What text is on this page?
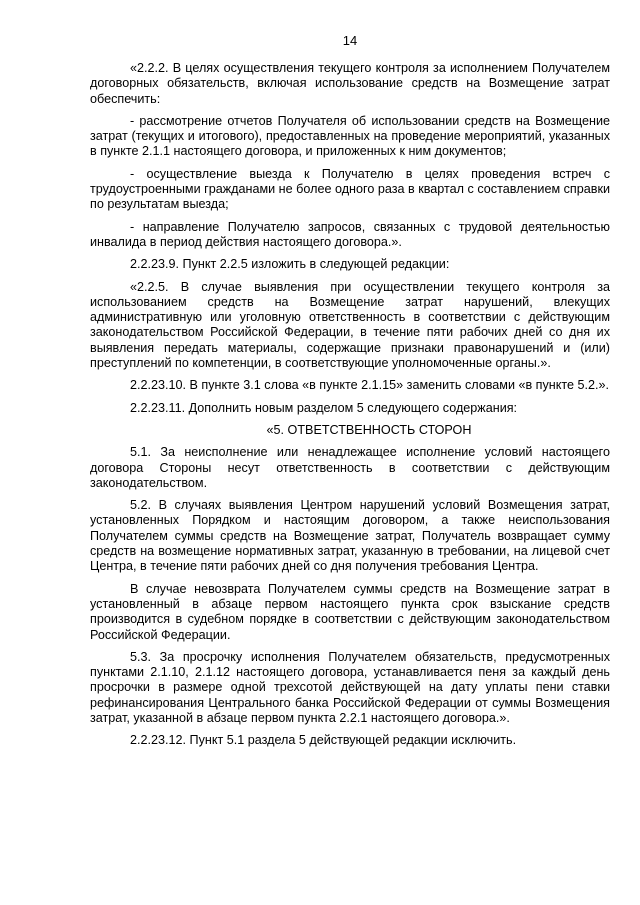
14

«2.2.2. В целях осуществления текущего контроля за исполнением Получателем договорных обязательств, включая использование средств на Возмещение затрат обеспечить:

- рассмотрение отчетов Получателя об использовании средств на Возмещение затрат (текущих и итогового), предоставленных на проведение мероприятий, указанных в пункте 2.1.1 настоящего договора, и приложенных к ним документов;

- осуществление выезда к Получателю в целях проведения встреч с трудоустроенными гражданами не более одного раза в квартал с составлением справки по результатам выезда;

- направление Получателю запросов, связанных с трудовой деятельностью инвалида в период действия настоящего договора.».

2.2.23.9. Пункт 2.2.5 изложить в следующей редакции:

«2.2.5. В случае выявления при осуществлении текущего контроля за использованием средств на Возмещение затрат нарушений, влекущих административную или уголовную ответственность в соответствии с действующим законодательством Российской Федерации, в течение пяти рабочих дней со дня их выявления передать материалы, содержащие признаки правонарушений и (или) преступлений по компетенции, в соответствующие уполномоченные органы.».

2.2.23.10. В пункте 3.1 слова «в пункте 2.1.15» заменить словами «в пункте 5.2.».

2.2.23.11. Дополнить новым разделом 5 следующего содержания:

«5. ОТВЕТСТВЕННОСТЬ СТОРОН

5.1. За неисполнение или ненадлежащее исполнение условий настоящего договора Стороны несут ответственность в соответствии с действующим законодательством.

5.2. В случаях выявления Центром нарушений условий Возмещения затрат, установленных Порядком и настоящим договором, а также неиспользования Получателем суммы средств на Возмещение затрат, Получатель возвращает сумму средств на возмещение нормативных затрат, указанную в требовании, на лицевой счет Центра, в течение пяти рабочих дней со дня получения требования Центра.

В случае невозврата Получателем суммы средств на Возмещение затрат в установленный в абзаце первом настоящего пункта срок взыскание средств производится в судебном порядке в соответствии с действующим законодательством Российской Федерации.

5.3. За просрочку исполнения Получателем обязательств, предусмотренных пунктами 2.1.10, 2.1.12 настоящего договора, устанавливается пеня за каждый день просрочки в размере одной трехсотой действующей на дату уплаты пени ставки рефинансирования Центрального банка Российской Федерации от суммы Возмещения затрат, указанной в абзаце первом пункта 2.2.1 настоящего договора.».

2.2.23.12. Пункт 5.1 раздела 5 действующей редакции исключить.
